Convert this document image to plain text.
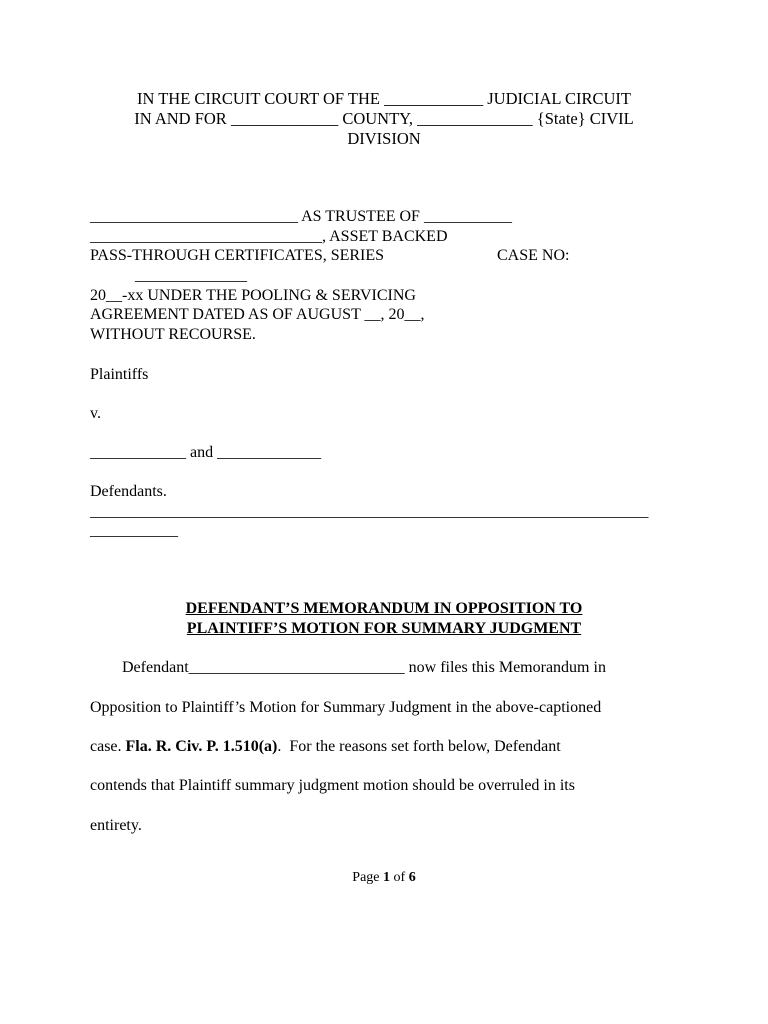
IN THE CIRCUIT COURT OF THE ____________ JUDICIAL CIRCUIT
IN AND FOR _____________ COUNTY, ______________ {State} CIVIL
DIVISION
__________________________ AS TRUSTEE OF ___________
_____________________________, ASSET BACKED
PASS-THROUGH CERTIFICATES, SERIES	CASE NO:
______________
20__-xx UNDER THE POOLING & SERVICING
AGREEMENT DATED AS OF AUGUST __, 20__,
WITHOUT RECOURSE.
Plaintiffs
v.
____________ and _____________
Defendants.
_________________________________________________________________________
___________
DEFENDANT’S MEMORANDUM IN OPPOSITION TO
PLAINTIFF’S MOTION FOR SUMMARY JUDGMENT
Defendant___________________________ now files this Memorandum in
Opposition to Plaintiff’s Motion for Summary Judgment in the above-captioned
case. Fla. R. Civ. P. 1.510(a).  For the reasons set forth below, Defendant
contends that Plaintiff summary judgment motion should be overruled in its
entirety.
Page 1 of 6
